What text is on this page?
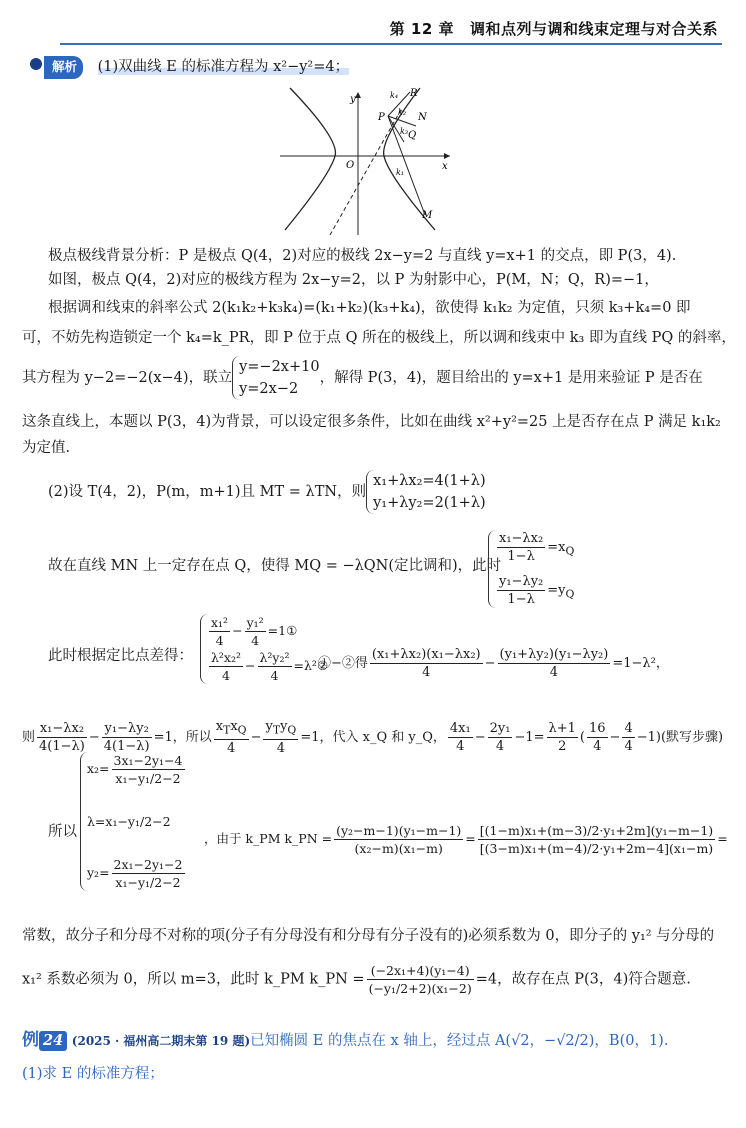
第 12 章 调和点列与调和线束定理与对合关系
解析 (1)双曲线 E 的标准方程为 x²−y²=4；
y
O	x
P
R
N
Q
M
k₄
k₂
k₃
k₁
极点极线背景分析：P 是极点 Q(4，2)对应的极线 2x−y=2 与直线 y=x+1 的交点，即 P(3，4).
如图，极点 Q(4，2)对应的极线方程为 2x−y=2，以 P 为射影中心，P(M，N；Q，R)=−1，
根据调和线束的斜率公式 2(k₁k₂+k₃k₄)=(k₁+k₂)(k₃+k₄)，欲使得 k₁k₂ 为定值，只须 k₃+k₄=0 即
可，不妨先构造锁定一个 k₄=k_PR，即 P 位于点 Q 所在的极线上，所以调和线束中 k₃ 即为直线 PQ 的斜率，
其方程为 y−2=−2(x−4)，联立
y=−2x+10
y=2x−2
，解得 P(3，4)，题目给出的 y=x+1 是用来验证 P 是否在
这条直线上，本题以 P(3，4)为背景，可以设定很多条件，比如在曲线 x²+y²=25 上是否存在点 P 满足 k₁k₂
为定值.
(2)设 T(4，2)，P(m，m+1)且 MT = λTN，则
x₁+λx₂=4(1+λ)
y₁+λy₂=2(1+λ)
故在直线 MN 上一定存在点 Q，使得 MQ = −λQN(定比调和)，此时
$\frac{\text{x₁−λx₂}}{1-\lambda} =x_Q$
$\frac{\text{y₁−λy₂}}{1-\lambda} =y_Q$
此时根据定比点差得：
$\frac{\text{x₁²}}{4} - \frac{\text{y₁²}}{4}$ =1①
$\frac{\text{λ²x₂²}}{4} - \frac{\text{λ²y₂²}}{4}$ =λ²②
①−②得 $\frac{\text{(x₁+λx₂)(x₁−λx₂)}}{4} - \frac{\text{(y₁+λy₂)(y₁−λy₂)}}{4} =1-\lambda^2$，
则 $\frac{\text{x₁−λx₂}}{4(1-\lambda)} - \frac{\text{y₁−λy₂}}{4(1-\lambda)} =1$，所以 $\frac{x_Tx_Q}{4} - \frac{y_Ty_Q}{4} =1$，代入 x_Q 和 y_Q， $\frac{\text{4x₁}}{4} - \frac{\text{2y₁}}{4} -1= \frac{\lambda+1}{2}$ ( $\frac{16}{4} - \frac{4}{4} -1$)(默写步骤)
所以
$x_2= \frac{\text{3x₁−2y₁−4}}{\text{x₁−y₁/2−2}}$
λ=x₁−y₁/2−2
$y_2= \frac{\text{2x₁−2y₁−2}}{\text{x₁−y₁/2−2}}$
，由于 k_PM k_PN = $\frac{\text{(y₂−m−1)(y₁−m−1)}}{\text{(x₂−m)(x₁−m)}} = \frac{\text{[(1−m)x₁+(m−3)/2·y₁+2m](y₁−m−1)}}{\text{[(3−m)x₁+(m−4)/2·y₁+2m−4](x₁−m)}}$ =
常数，故分子和分母不对称的项(分子有分母没有和分母有分子没有的)必须系数为 0，即分子的 y₁² 与分母的
x₁² 系数必须为 0，所以 m=3，此时 k_PM k_PN = $\frac{\text{(−2x₁+4)(y₁−4)}}{\text{(−y₁/2+2)(x₁−2)}} =4$，故存在点 P(3，4)符合题意.
例 24 (2025 · 福州高二期末第 19 题)已知椭圆 E 的焦点在 x 轴上，经过点 A(√2，−√2/2)，B(0，1).
(1)求 E 的标准方程；
